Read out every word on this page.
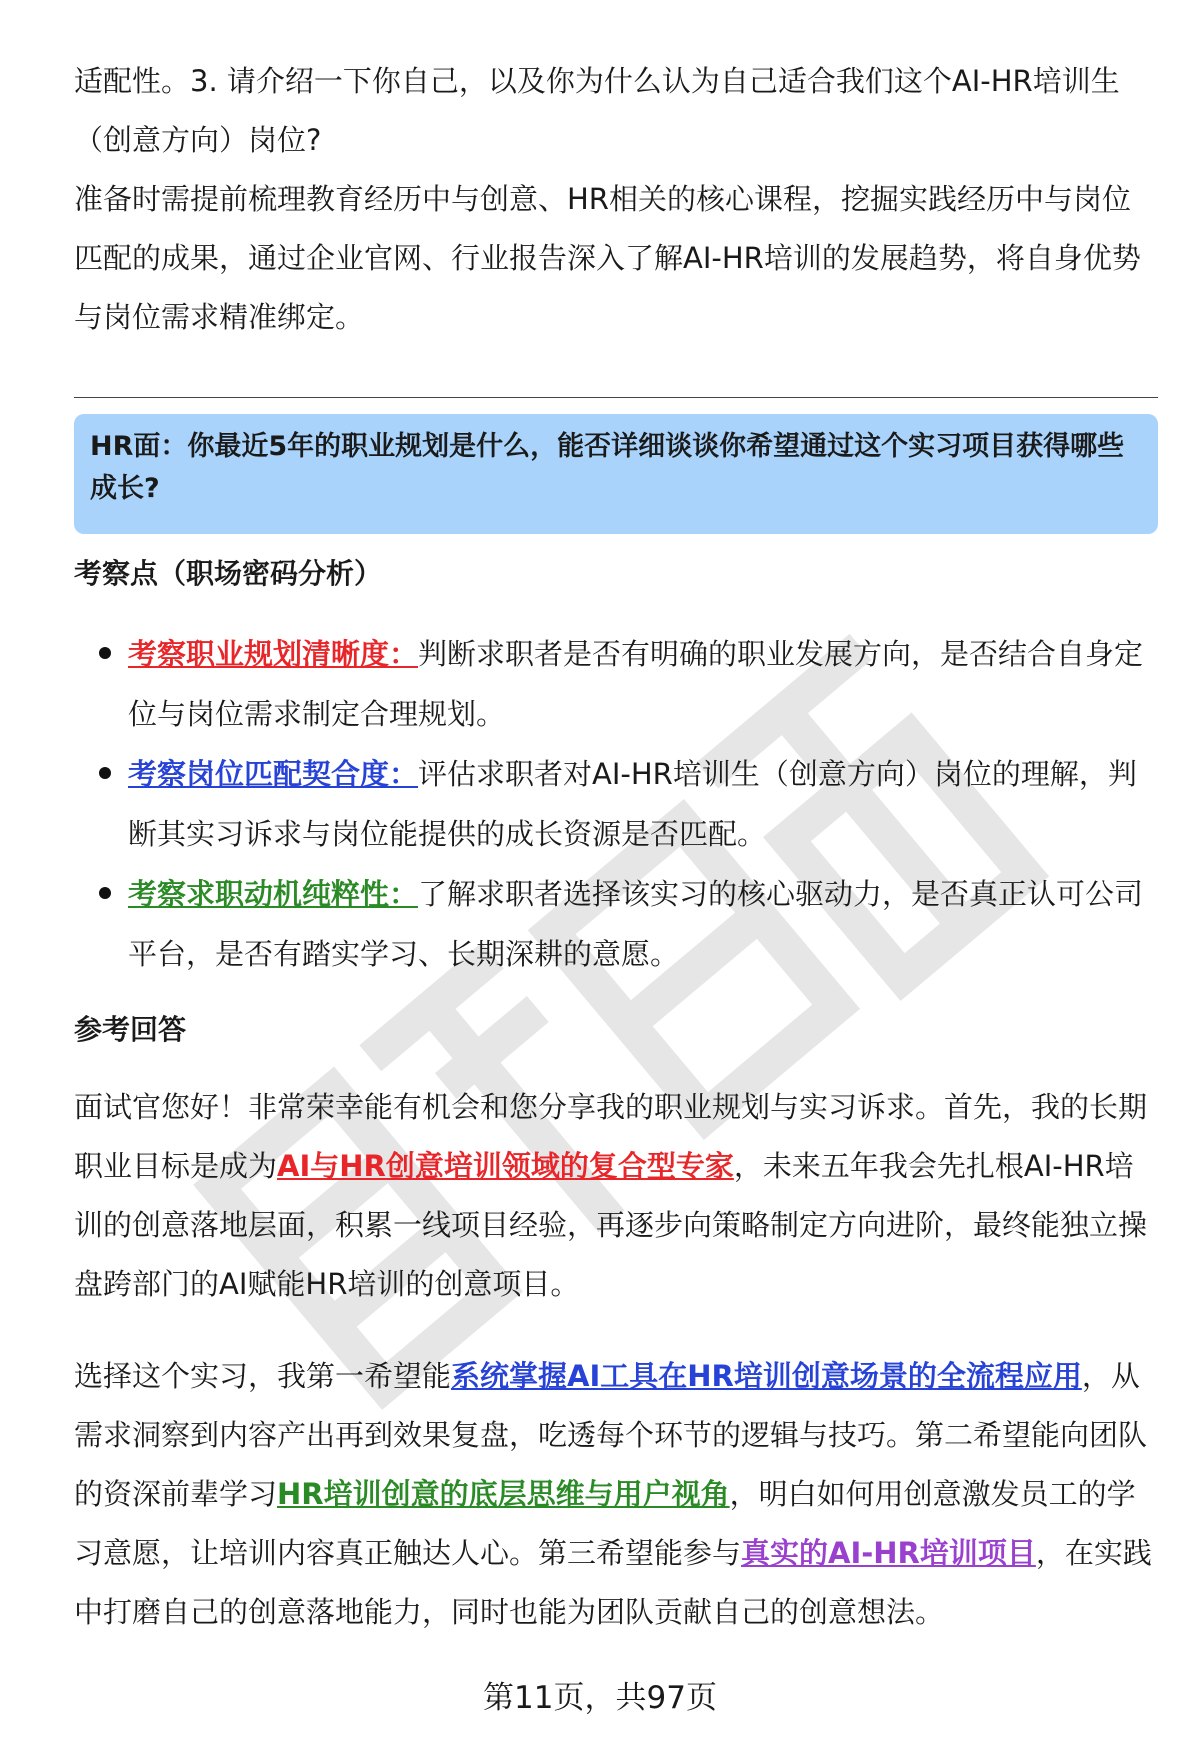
适配性。3. 请介绍一下你自己，以及你为什么认为自己适合我们这个AI-HR培训生

（创意方向）岗位?

准备时需提前梳理教育经历中与创意、HR相关的核心课程，挖掘实践经历中与岗位匹配的成果，通过企业官网、行业报告深入了解AI-HR培训的发展趋势，将自身优势与岗位需求精准绑定。

HR面：你最近5年的职业规划是什么，能否详细谈谈你希望通过这个实习项目获得哪些成长?

考察点（职场密码分析）

考察职业规划清晰度：判断求职者是否有明确的职业发展方向，是否结合自身定位与岗位需求制定合理规划。
考察岗位匹配契合度：评估求职者对AI-HR培训生（创意方向）岗位的理解，判断其实习诉求与岗位能提供的成长资源是否匹配。
考察求职动机纯粹性：了解求职者选择该实习的核心驱动力，是否真正认可公司平台，是否有踏实学习、长期深耕的意愿。

参考回答

面试官您好！非常荣幸能有机会和您分享我的职业规划与实习诉求。首先，我的长期职业目标是成为AI与HR创意培训领域的复合型专家，未来五年我会先扎根AI-HR培训的创意落地层面，积累一线项目经验，再逐步向策略制定方向进阶，最终能独立操盘跨部门的AI赋能HR培训的创意项目。

选择这个实习，我第一希望能系统掌握AI工具在HR培训创意场景的全流程应用，从需求洞察到内容产出再到效果复盘，吃透每个环节的逻辑与技巧。第二希望能向团队的资深前辈学习HR培训创意的底层思维与用户视角，明白如何用创意激发员工的学习意愿，让培训内容真正触达人心。第三希望能参与真实的AI-HR培训项目，在实践中打磨自己的创意落地能力，同时也能为团队贡献自己的创意想法。

第11页，共97页
